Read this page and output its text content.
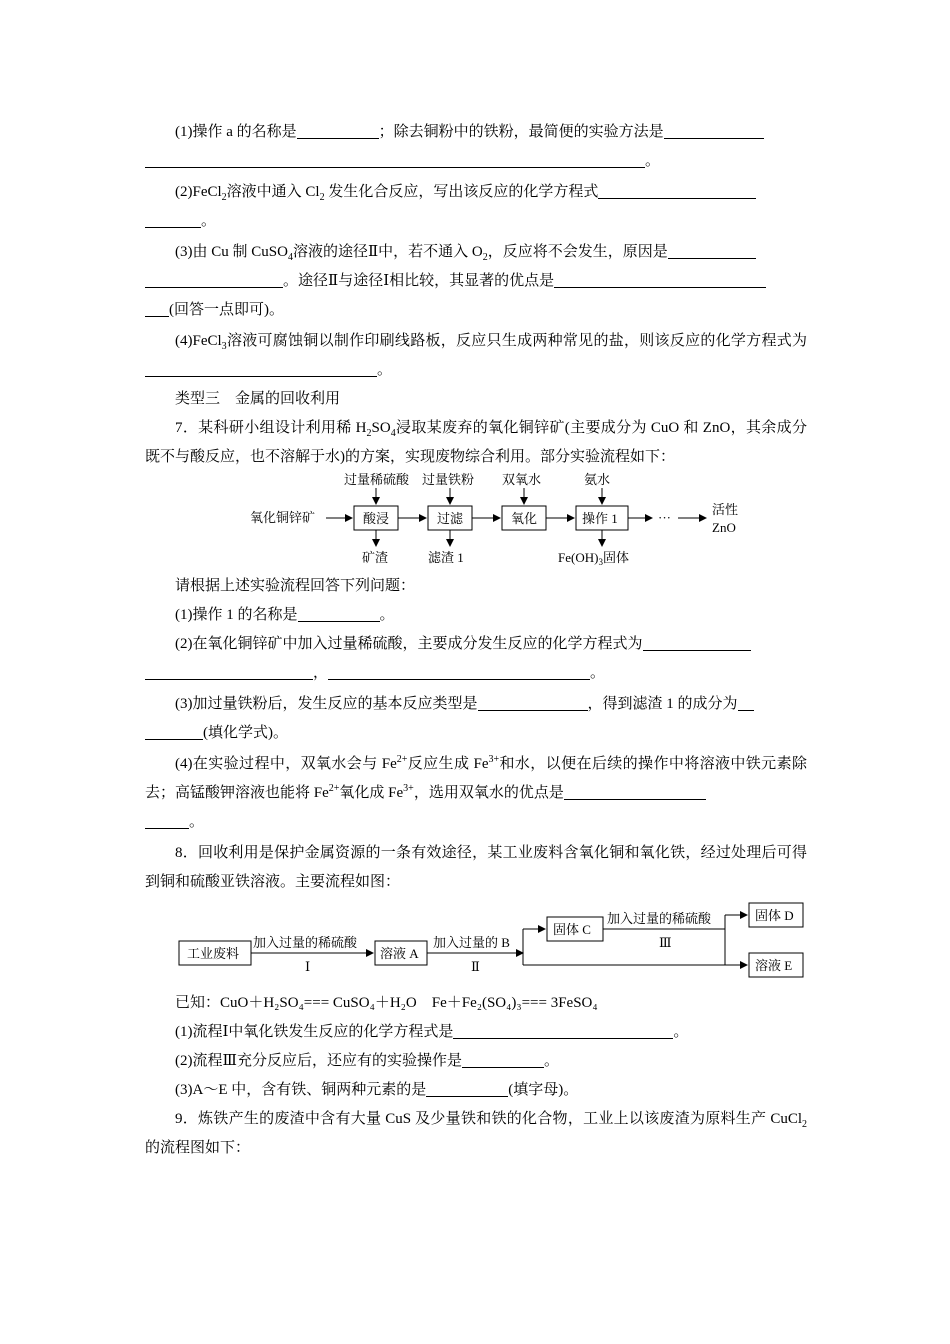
(1)操作 a 的名称是	；除去铜粉中的铁粉，最简便的实验方法是

。

(2)FeCl$_2$溶液中通入 $Cl_2$ 发生化合反应，写出该反应的化学方程式

。

(3)由 Cu 制 CuSO$_4$溶液的途径Ⅱ中，若不通入 $O_2$，反应将不会发生，原因是

。途径Ⅱ与途径Ⅰ相比较，其显著的优点是

(回答一点即可)。

(4)FeCl$_3$溶液可腐蚀铜以制作印刷线路板，反应只生成两种常见的盐，则该反应的化学方程式为。

类型三　金属的回收利用

7．某科研小组设计利用稀 $H_2SO_4$浸取某废弃的氧化铜锌矿(主要成分为 CuO 和 ZnO，其余成分既不与酸反应，也不溶解于水)的方案，实现废物综合利用。部分实验流程如下：

氧化铜锌矿	酸浸	过滤	氧化	操作 1	···
活性
ZnO
过量稀硫酸 过量铁粉 双氧水	氨水
矿渣	滤渣 1	$Fe(OH)_3$固体

请根据上述实验流程回答下列问题：

(1)操作 1 的名称是	。

(2)在氧化铜锌矿中加入过量稀硫酸，主要成分发生反应的化学方程式为

，	。

(3)加过量铁粉后，发生反应的基本反应类型是	，得到滤渣 1 的成分为

(填化学式)。

(4)在实验过程中，双氧水会与 $Fe^{2+}$反应生成 $Fe^{3+}$和水，以便在后续的操作中将溶液中铁元素除去；高锰酸钾溶液也能将 $Fe^{2+}$氧化成 $Fe^{3+}$，选用双氧水的优点是

。

8．回收利用是保护金属资源的一条有效途径，某工业废料含氧化铜和氧化铁，经过处理后可得到铜和硫酸亚铁溶液。主要流程如图：

工业废料
加入过量的稀硫酸
Ⅰ
溶液 A
加入过量的 B
Ⅱ
固体 C
加入过量的稀硫酸
Ⅲ
固体 D
溶液 E

已知：CuO＋H₂SO₄=== CuSO₄＋H₂O　Fe＋Fe₂(SO₄)₃=== 3FeSO₄

(1)流程Ⅰ中氧化铁发生反应的化学方程式是	。

(2)流程Ⅲ充分反应后，还应有的实验操作是	。

(3)A～E 中，含有铁、铜两种元素的是	(填字母)。

9．炼铁产生的废渣中含有大量 CuS 及少量铁和铁的化合物，工业上以该废渣为原料生产 CuCl$_2$的流程图如下：
